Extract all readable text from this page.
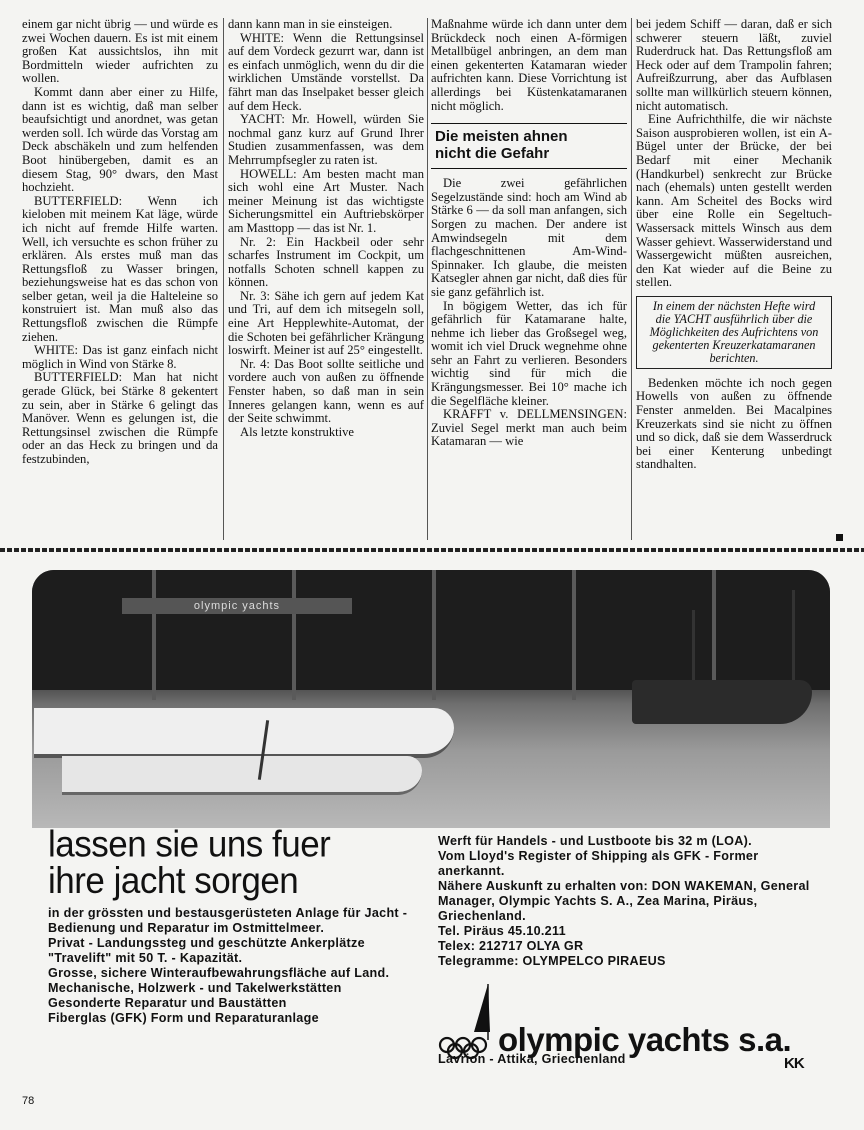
einem gar nicht übrig — und würde es zwei Wochen dauern. Es ist mit einem großen Kat aussichtslos, ihn mit Bordmitteln wieder aufrichten zu wollen.

Kommt dann aber einer zu Hilfe, dann ist es wichtig, daß man selber beaufsichtigt und anordnet, was getan werden soll. Ich würde das Vorstag am Deck abschäkeln und zum helfenden Boot hinübergeben, damit es an diesem Stag, 90° dwars, den Mast hochzieht.

BUTTERFIELD: Wenn ich kieloben mit meinem Kat läge, würde ich nicht auf fremde Hilfe warten. Well, ich versuchte es schon früher zu erklären. Als erstes muß man das Rettungsfloß zu Wasser bringen, beziehungsweise hat es das schon von selber getan, weil ja die Halteleine so konstruiert ist. Man muß also das Rettungsfloß zwischen die Rümpfe ziehen.

WHITE: Das ist ganz einfach nicht möglich in Wind von Stärke 8.

BUTTERFIELD: Man hat nicht gerade Glück, bei Stärke 8 gekentert zu sein, aber in Stärke 6 gelingt das Manöver. Wenn es gelungen ist, die Rettungsinsel zwischen die Rümpfe oder an das Heck zu bringen und da festzubinden,

dann kann man in sie einsteigen.

WHITE: Wenn die Rettungsinsel auf dem Vordeck gezurrt war, dann ist es einfach unmöglich, wenn du dir die wirklichen Umstände vorstellst. Da fährt man das Inselpaket besser gleich auf dem Heck.

YACHT: Mr. Howell, würden Sie nochmal ganz kurz auf Grund Ihrer Studien zusammenfassen, was dem Mehrrumpfsegler zu raten ist.

HOWELL: Am besten macht man sich wohl eine Art Muster. Nach meiner Meinung ist das wichtigste Sicherungsmittel ein Auftriebskörper am Masttopp — das ist Nr. 1.

Nr. 2: Ein Hackbeil oder sehr scharfes Instrument im Cockpit, um notfalls Schoten schnell kappen zu können.

Nr. 3: Sähe ich gern auf jedem Kat und Tri, auf dem ich mitsegeln soll, eine Art Hepplewhite-Automat, der die Schoten bei gefährlicher Krängung loswirft. Meiner ist auf 25° eingestellt.

Nr. 4: Das Boot sollte seitliche und vordere auch von außen zu öffnende Fenster haben, so daß man in sein Inneres gelangen kann, wenn es auf der Seite schwimmt.

Als letzte konstruktive

Maßnahme würde ich dann unter dem Brückdeck noch einen A-förmigen Metallbügel anbringen, an dem man einen gekenterten Katamaran wieder aufrichten kann. Diese Vorrichtung ist allerdings bei Küstenkatamaranen nicht möglich.

Die meisten ahnen
nicht die Gefahr

Die zwei gefährlichen Segelzustände sind: hoch am Wind ab Stärke 6 — da soll man anfangen, sich Sorgen zu machen. Der andere ist Amwindsegeln mit dem flachgeschnittenen Am-Wind-Spinnaker. Ich glaube, die meisten Katsegler ahnen gar nicht, daß dies für sie ganz gefährlich ist.

In bögigem Wetter, das ich für gefährlich für Katamarane halte, nehme ich lieber das Großsegel weg, womit ich viel Druck wegnehme ohne sehr an Fahrt zu verlieren. Besonders wichtig sind für mich die Krängungsmesser. Bei 10° mache ich die Segelfläche kleiner.

KRAFFT v. DELLMENSINGEN: Zuviel Segel merkt man auch beim Katamaran — wie

bei jedem Schiff — daran, daß er sich schwerer steuern läßt, zuviel Ruderdruck hat. Das Rettungsfloß am Heck oder auf dem Trampolin fahren; Aufreißzurrung, aber das Aufblasen sollte man willkürlich steuern können, nicht automatisch.

Eine Aufrichthilfe, die wir nächste Saison ausprobieren wollen, ist ein A-Bügel unter der Brücke, der bei Bedarf mit einer Mechanik (Handkurbel) senkrecht zur Brücke nach (ehemals) unten gestellt werden kann. Am Scheitel des Bocks wird über eine Rolle ein Segeltuch-Wassersack mittels Winsch aus dem Wasser gehievt. Wasserwiderstand und Wassergewicht müßten ausreichen, den Kat wieder auf die Beine zu stellen.

In einem der nächsten Hefte wird die YACHT ausführlich über die Möglichkeiten des Aufrichtens von gekenterten Kreuzerkatamaranen berichten.

Bedenken möchte ich noch gegen Howells von außen zu öffnende Fenster anmelden. Bei Macalpines Kreuzerkats sind sie nicht zu öffnen und so dick, daß sie dem Wasserdruck bei einer Kenterung unbedingt standhalten.

olympic yachts
lassen sie uns fuer
ihre jacht sorgen

in der grössten und bestausgerüsteten Anlage für Jacht - Bedienung und Reparatur im Ostmittelmeer.

Privat - Landungssteg und geschützte Ankerplätze "Travelift" mit 50 T. - Kapazität.

Grosse, sichere Winteraufbewahrungsfläche auf Land. Mechanische, Holzwerk - und Takelwerkstätten

Gesonderte Reparatur und Baustätten

Fiberglas (GFK) Form und Reparaturanlage

Werft für Handels - und Lustboote bis 32 m (LOA).

Vom Lloyd's Register of Shipping als GFK - Former anerkannt.

Nähere Auskunft zu erhalten von: DON WAKEMAN, General Manager, Olympic Yachts S. A., Zea Marina, Piräus, Griechenland.

Tel. Piräus 45.10.211

Telex: 212717 OLYA GR

Telegramme: OLYMPELCO PIRAEUS

olympic yachts s.a.
Lavrion - Attika, Griechenland	KK
78
